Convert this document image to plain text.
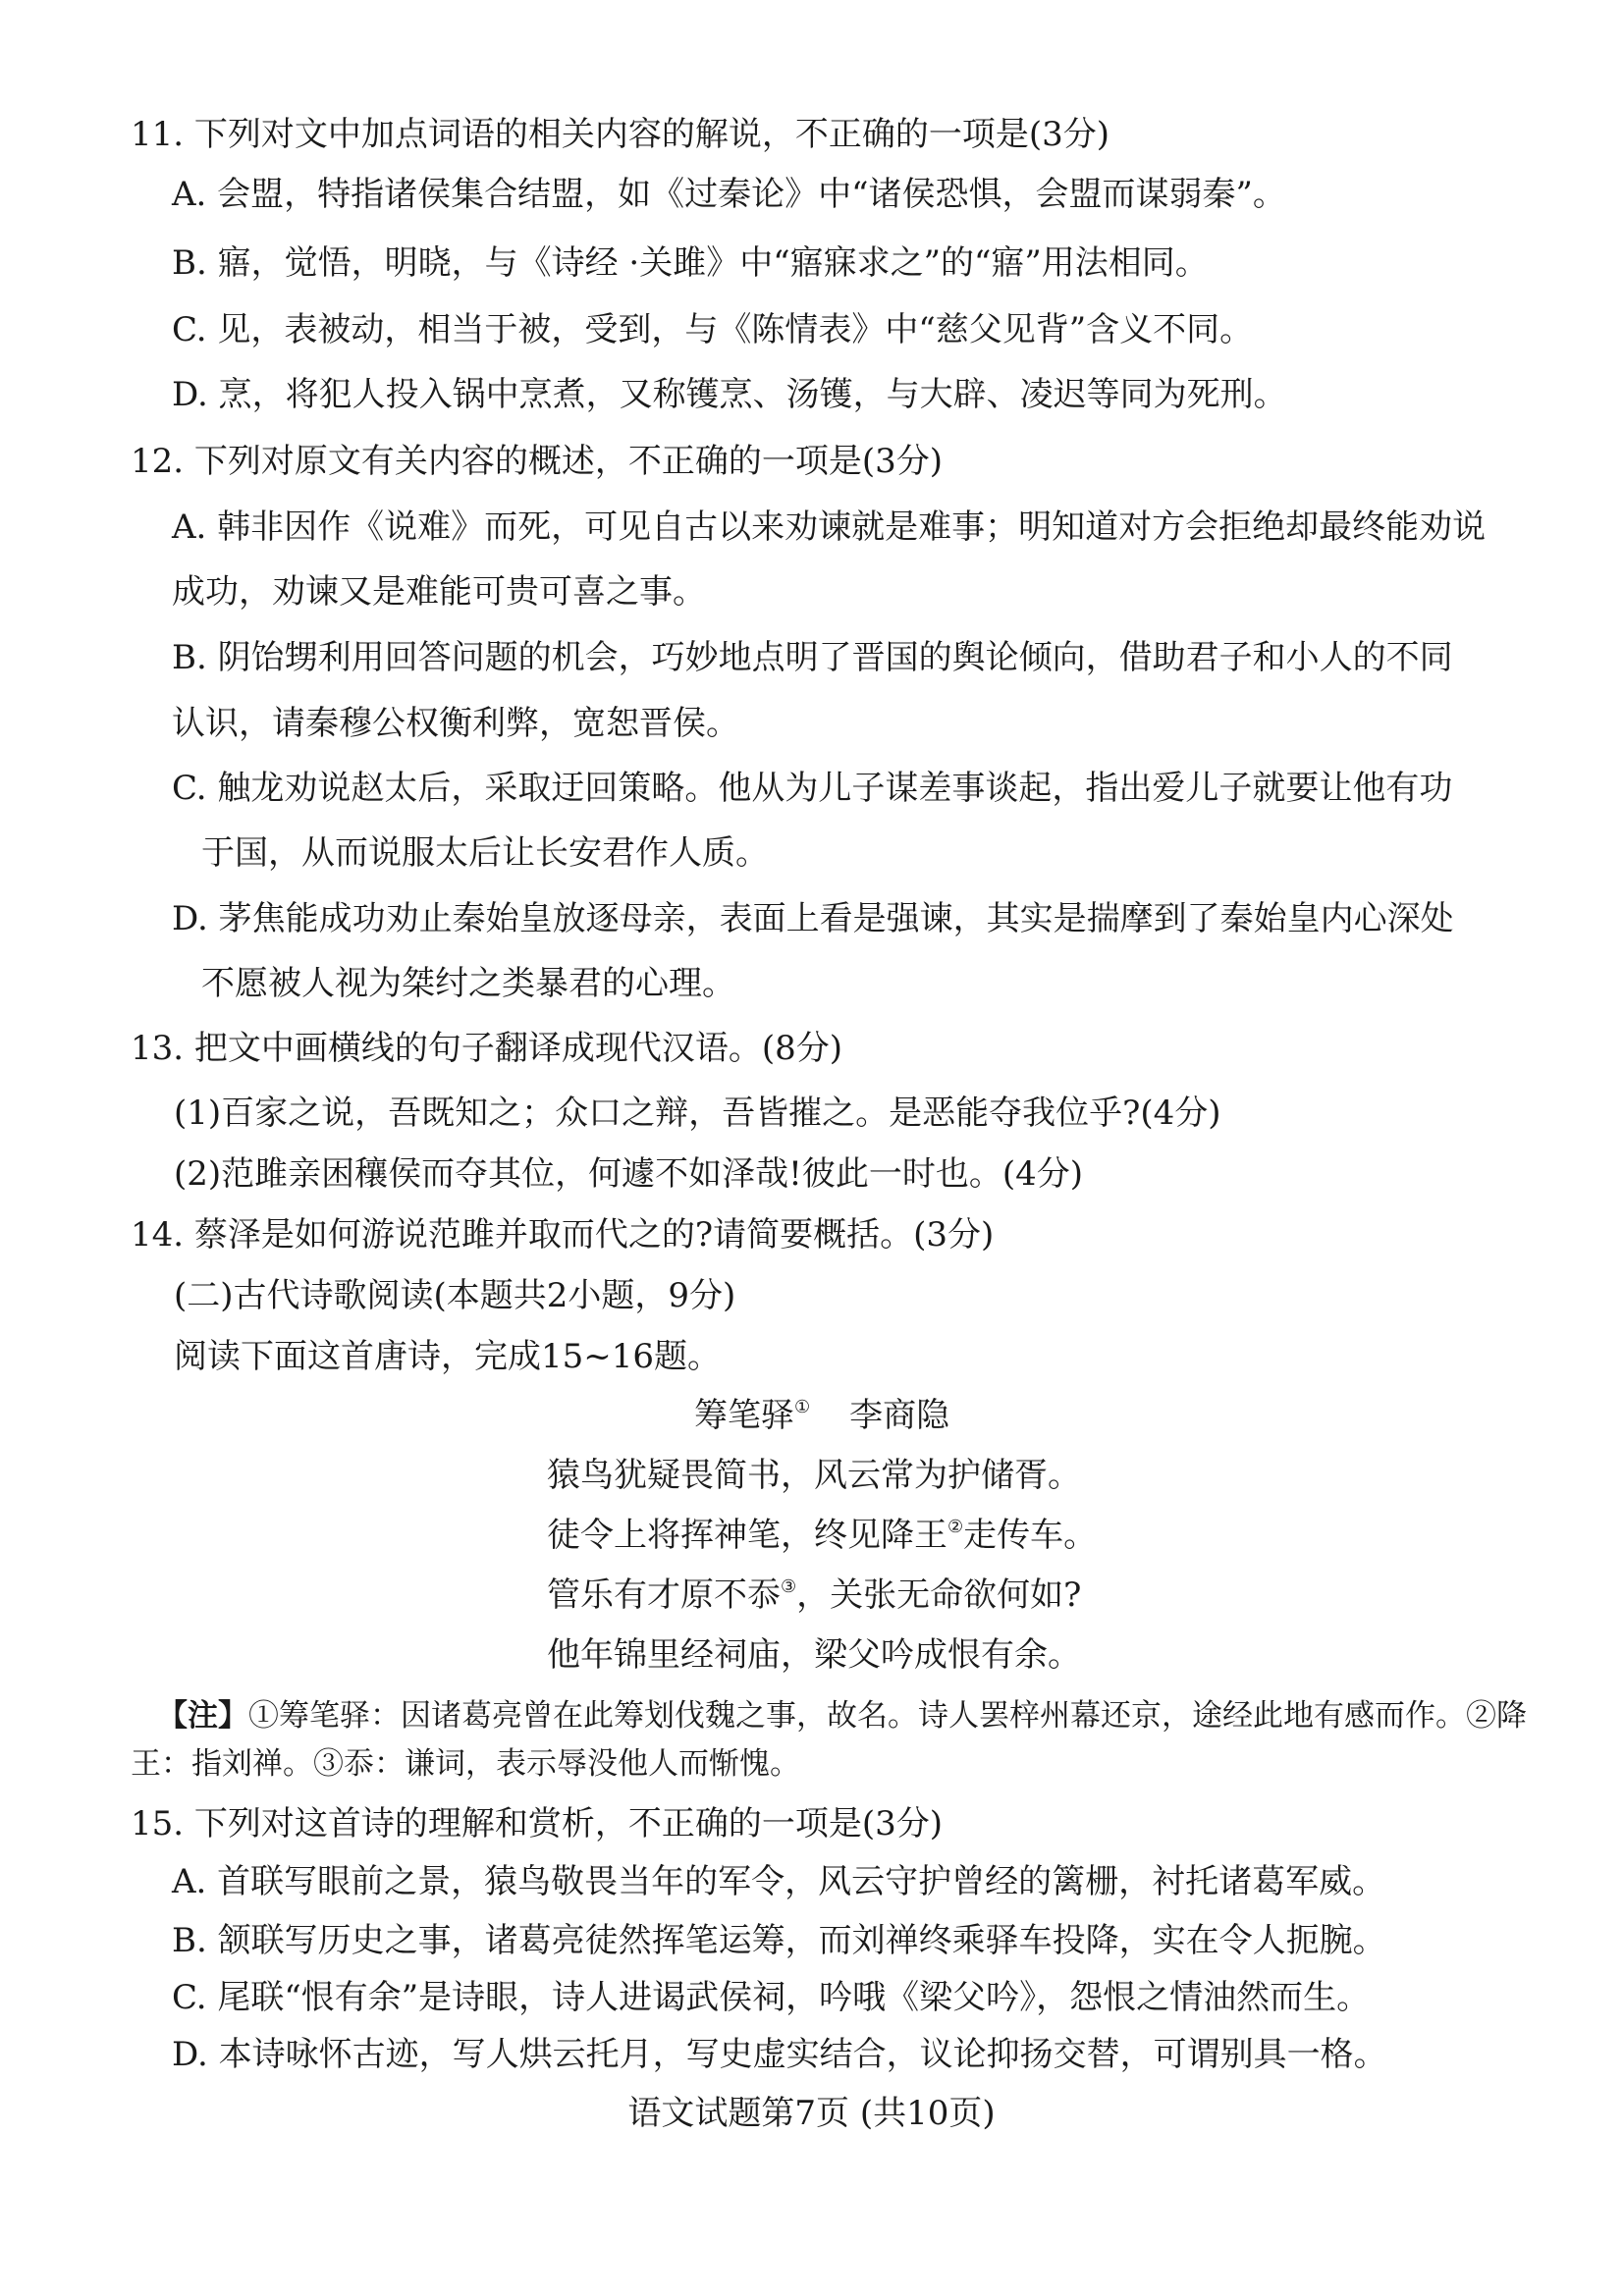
11. 下列对文中加点词语的相关内容的解说，不正确的一项是(3分)
A. 会盟，特指诸侯集合结盟，如《过秦论》中“诸侯恐惧，会盟而谋弱秦”。
B. 寤，觉悟，明晓，与《诗经 ·关雎》中“寤寐求之”的“寤”用法相同。
C. 见，表被动，相当于被，受到，与《陈情表》中“慈父见背”含义不同。
D. 烹，将犯人投入锅中烹煮，又称镬烹、汤镬，与大辟、凌迟等同为死刑。
12. 下列对原文有关内容的概述，不正确的一项是(3分)
A. 韩非因作《说难》而死，可见自古以来劝谏就是难事；明知道对方会拒绝却最终能劝说
成功，劝谏又是难能可贵可喜之事。
B. 阴饴甥利用回答问题的机会，巧妙地点明了晋国的舆论倾向，借助君子和小人的不同
认识，请秦穆公权衡利弊，宽恕晋侯。
C. 触龙劝说赵太后，采取迂回策略。他从为儿子谋差事谈起，指出爱儿子就要让他有功
于国，从而说服太后让长安君作人质。
D. 茅焦能成功劝止秦始皇放逐母亲，表面上看是强谏，其实是揣摩到了秦始皇内心深处
不愿被人视为桀纣之类暴君的心理。
13. 把文中画横线的句子翻译成现代汉语。(8分)
(1)百家之说，吾既知之；众口之辩，吾皆摧之。是恶能夺我位乎?(4分)
(2)范雎亲困穰侯而夺其位，何遽不如泽哉!彼此一时也。(4分)
14. 蔡泽是如何游说范雎并取而代之的?请简要概括。(3分)
(二)古代诗歌阅读(本题共2小题，9分)
阅读下面这首唐诗，完成15~16题。
筹笔驿① 李商隐
猿鸟犹疑畏简书，风云常为护储胥。
徒令上将挥神笔，终见降王②走传车。
管乐有才原不忝③，关张无命欲何如?
他年锦里经祠庙，梁父吟成恨有余。
【注】①筹笔驿：因诸葛亮曾在此筹划伐魏之事，故名。诗人罢梓州幕还京，途经此地有感而作。②降
王：指刘禅。③忝：谦词，表示辱没他人而惭愧。
15. 下列对这首诗的理解和赏析，不正确的一项是(3分)
A. 首联写眼前之景，猿鸟敬畏当年的军令，风云守护曾经的篱栅，衬托诸葛军威。
B. 颔联写历史之事，诸葛亮徒然挥笔运筹，而刘禅终乘驿车投降，实在令人扼腕。
C. 尾联“恨有余”是诗眼，诗人进谒武侯祠，吟哦《梁父吟》，怨恨之情油然而生。
D. 本诗咏怀古迹，写人烘云托月，写史虚实结合，议论抑扬交替，可谓别具一格。
语文试题第7页 (共10页)
